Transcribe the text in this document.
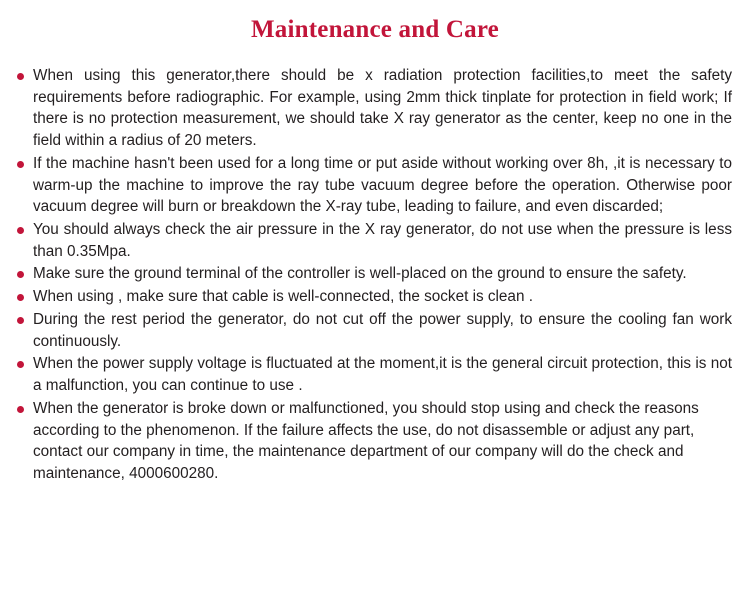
Maintenance and Care
When using this generator,there should be x radiation protection facilities,to meet the safety requirements before radiographic. For example, using 2mm thick tinplate for protection in field work; If there is no protection measurement, we should take X ray generator as the center, keep no one in the field within a radius of 20 meters.
If the machine hasn't been used for a long time or put aside without working over 8h, ,it is necessary to warm-up the machine to improve the ray tube vacuum degree before the operation. Otherwise poor vacuum degree will burn or breakdown the X-ray tube, leading to failure, and even discarded;
You should always check the air pressure in the X ray generator, do not use when the pressure is less than 0.35Mpa.
Make sure the ground terminal of the controller is well-placed on the ground to ensure the safety.
When using , make sure that cable is well-connected, the socket is clean .
During the rest period the generator, do not cut off the power supply, to ensure the cooling fan work continuously.
When the power supply voltage is fluctuated at the moment,it is the general circuit protection, this is not a malfunction, you can continue to use .
When the generator is broke down or malfunctioned, you should stop using and check the reasons according to the phenomenon. If the failure affects the use, do not disassemble or adjust any part, contact our company in time, the maintenance department of our company will do the check and maintenance, 4000600280.
